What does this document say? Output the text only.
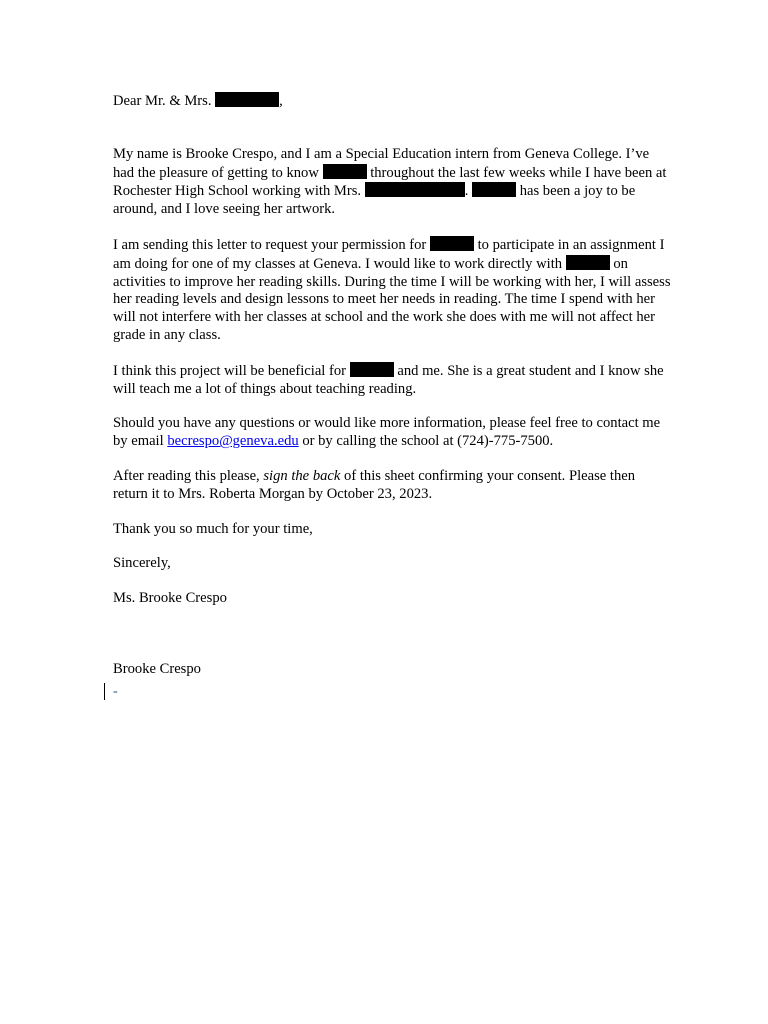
Dear Mr. & Mrs.	,

My name is Brooke Crespo, and I am a Special Education intern from Geneva College. I’ve had the pleasure of getting to know	throughout the last few weeks while I have been at Rochester High School working with Mrs.	.	has been a joy to be around, and I love seeing her artwork.

I am sending this letter to request your permission for	to participate in an assignment I am doing for one of my classes at Geneva. I would like to work directly with	on activities to improve her reading skills. During the time I will be working with her, I will assess her reading levels and design lessons to meet her needs in reading. The time I spend with her will not interfere with her classes at school and the work she does with me will not affect her grade in any class.

I think this project will be beneficial for	and me. She is a great student and I know she will teach me a lot of things about teaching reading.

Should you have any questions or would like more information, please feel free to contact me by email becrespo@geneva.edu or by calling the school at (724)-775-7500.

After reading this please, sign the back of this sheet confirming your consent. Please then return it to Mrs. Roberta Morgan by October 23, 2023.

Thank you so much for your time,

Sincerely,

Ms. Brooke Crespo

Brooke Crespo

-
